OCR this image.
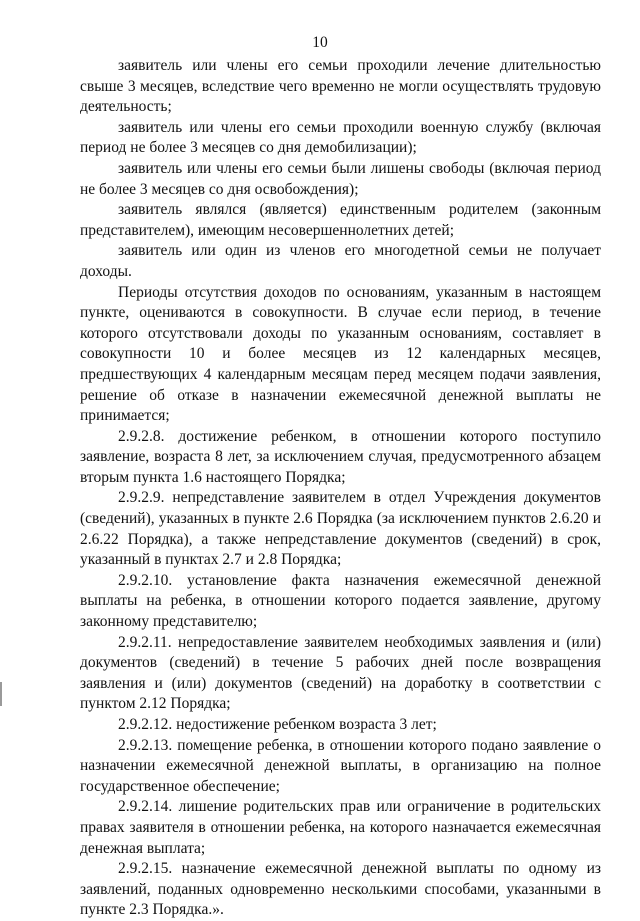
10

заявитель или члены его семьи проходили лечение длительностью свыше 3 месяцев, вследствие чего временно не могли осуществлять трудовую деятельность;

заявитель или члены его семьи проходили военную службу (включая период не более 3 месяцев со дня демобилизации);

заявитель или члены его семьи были лишены свободы (включая период не более 3 месяцев со дня освобождения);

заявитель являлся (является) единственным родителем (законным представителем), имеющим несовершеннолетних детей;

заявитель или один из членов его многодетной семьи не получает доходы.

Периоды отсутствия доходов по основаниям, указанным в настоящем пункте, оцениваются в совокупности. В случае если период, в течение которого отсутствовали доходы по указанным основаниям, составляет в совокупности 10 и более месяцев из 12 календарных месяцев, предшествующих 4 календарным месяцам перед месяцем подачи заявления, решение об отказе в назначении ежемесячной денежной выплаты не принимается;

2.9.2.8. достижение ребенком, в отношении которого поступило заявление, возраста 8 лет, за исключением случая, предусмотренного абзацем вторым пункта 1.6 настоящего Порядка;

2.9.2.9. непредставление заявителем в отдел Учреждения документов (сведений), указанных в пункте 2.6 Порядка (за исключением пунктов 2.6.20 и 2.6.22 Порядка), а также непредставление документов (сведений) в срок, указанный в пунктах 2.7 и 2.8 Порядка;

2.9.2.10. установление факта назначения ежемесячной денежной выплаты на ребенка, в отношении которого подается заявление, другому законному представителю;

2.9.2.11. непредоставление заявителем необходимых заявления и (или) документов (сведений) в течение 5 рабочих дней после возвращения заявления и (или) документов (сведений) на доработку в соответствии с пунктом 2.12 Порядка;

2.9.2.12. недостижение ребенком возраста 3 лет;

2.9.2.13. помещение ребенка, в отношении которого подано заявление о назначении ежемесячной денежной выплаты, в организацию на полное государственное обеспечение;

2.9.2.14. лишение родительских прав или ограничение в родительских правах заявителя в отношении ребенка, на которого назначается ежемесячная денежная выплата;

2.9.2.15. назначение ежемесячной денежной выплаты по одному из заявлений, поданных одновременно несколькими способами, указанными в пункте 2.3 Порядка.».
